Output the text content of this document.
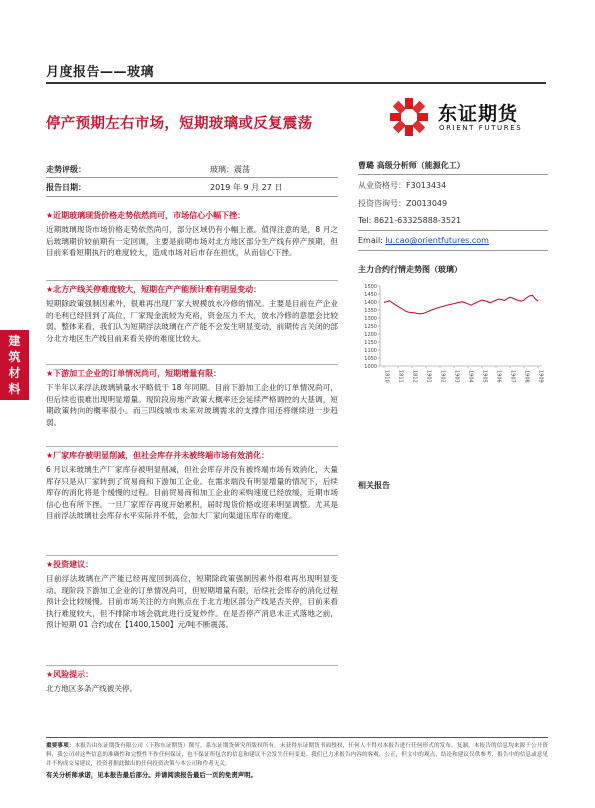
月度报告——玻璃
停产预期左右市场，短期玻璃或反复震荡	东证期货
ORIENT FUTURES
建
筑
材
料
走势评级：	玻璃：震荡
报告日期：	2019 年 9 月 27 日
曹璐 高级分析师（能源化工）
从业资格号：F3013434
投资咨询号：Z0013049
Tel: 8621-63325888-3521
Email: lu.cao@orientfutures.com
主力合约行情走势图（玻璃）
1000
1050
1100
1150
1200
1250
1300
1350
1400
1450
1500
1810 1811 1812 1901 1902 1903 1904 1905 1906 1907 1908 1909
相关报告
★近期玻璃现货价格走势依然尚可，市场信心小幅下挫：
近期玻璃现货市场价格走势依然尚可，部分区域仍有小幅上涨。值得注意的是，8 月之后玻璃期价较前期有一定回调，主要是前期市场对北方地区部分生产线有停产预期，但目前来看短期执行的难度较大，造成市场对后市存在担忧，从而信心下挫。
★北方产线关停难度较大，短期在产产能预计难有明显变动：
短期除政策强制因素外，很难再出现厂家大规模放水冷修的情况。主要是目前在产企业的毛利已经回到了高位，厂家现金流较为充裕，资金压力不大，放水冷修的意愿会比较弱。整体来看，我们认为短期浮法玻璃在产产能不会发生明显变动，前期传言关闭的部分北方地区生产线目前来看关停的难度比较大。
★下游加工企业的订单情况尚可，短期增量有限：
下半年以来浮法玻璃销量水平略低于 18 年同期。目前下游加工企业的订单情况尚可，但后续也很难出现明显增量。现阶段房地产政策大概率还会延续严格调控的大基调，短期政策转向的概率很小。而三四线城市未来对玻璃需求的支撑作用还将继续进一步趋弱。
★厂家库存被明显削减，但社会库存并未被终端市场有效消化：
6 月以来玻璃生产厂家库存被明显削减，但社会库存并没有被终端市场有效消化，大量库存只是从厂家转到了贸易商和下游加工企业。在需求端没有明显增量的情况下，后续库存的消化将是个缓慢的过程。目前贸易商和加工企业的采购速度已经放缓，近期市场信心也有所下挫。一旦厂家库存再度开始累积，届时现货价格或迎来明显调整。尤其是目前浮法玻璃社会库存水平实际并不低，会加大厂家向渠道压库存的难度。
★投资建议：
目前浮法玻璃在产产能已经再度回到高位，短期除政策强制因素外很难再出现明显变动。现阶段下游加工企业的订单情况尚可，但短期增量有限，后续社会库存的消化过程预计会比较缓慢。目前市场关注的方向焦点在于北方地区部分产线是否关停，目前来看执行难度较大，但不排除市场会就此进行反复炒作。在是否停产消息未正式落地之前，预计短期 01 合约或在【1400,1500】元/吨不断震荡。
★风险提示：
北方地区多条产线被关停。
重要事项：本报告由东证期货有限公司（下称东证期货）撰写，系东证期货研究所版权所有。未获得东证期货书面授权，任何人不得对本报告进行任何形式的发布、复制。本报告的信息均来源于公开资料，我公司对这些信息的准确性和完整性不作任何保证，也不保证所包含的信息和建议不会发生任何变更。我们已力求报告内容的客观、公正，但文中的观点、结论和建议仅供参考，报告中的信息或意见并不构成交易建议，投资者据此做出的任何投资决策与本公司和作者无关。
有关分析师承诺，见本报告最后部分。并请阅读报告最后一页的免责声明。
